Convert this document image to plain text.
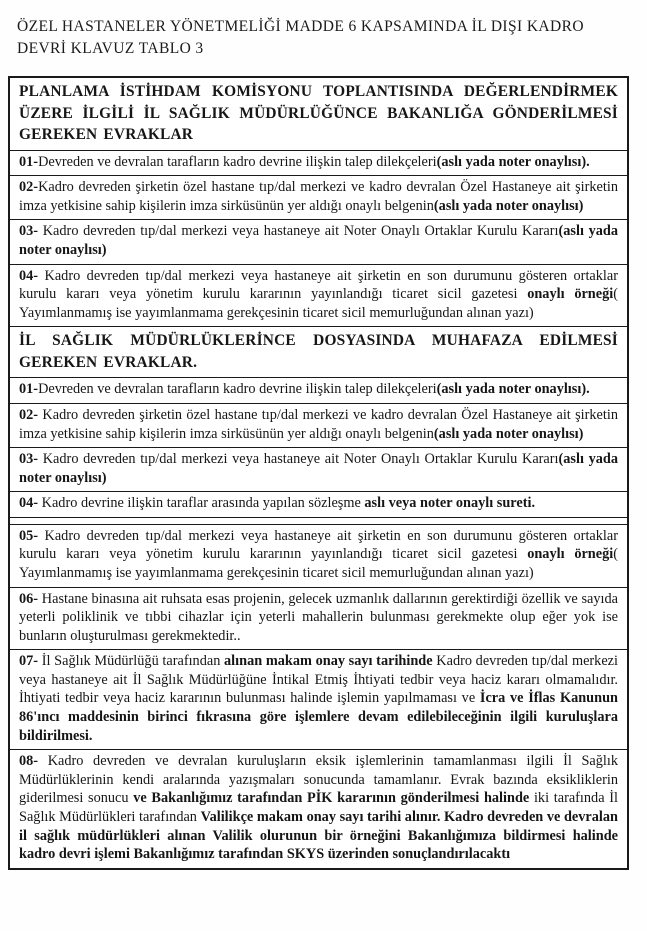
ÖZEL HASTANELER YÖNETMELİĞİ MADDE 6 KAPSAMINDA İL DIŞI KADRO
DEVRİ KLAVUZ TABLO 3
PLANLAMA İSTİHDAM KOMİSYONU TOPLANTISINDA DEĞERLENDİRMEK ÜZERE İLGİLİ İL SAĞLIK MÜDÜRLÜĞÜNCE BAKANLIĞA GÖNDERİLMESİ GEREKEN EVRAKLAR
01-Devreden ve devralan tarafların kadro devrine ilişkin talep dilekçeleri(aslı yada noter onaylısı).
02-Kadro devreden şirketin özel hastane tıp/dal merkezi ve kadro devralan Özel Hastaneye ait şirketin imza yetkisine sahip kişilerin imza sirküsünün yer aldığı onaylı belgenin(aslı yada noter onaylısı)
03- Kadro devreden tıp/dal merkezi veya hastaneye ait Noter Onaylı Ortaklar Kurulu Kararı(aslı yada noter onaylısı)
04- Kadro devreden tıp/dal merkezi veya hastaneye ait şirketin en son durumunu gösteren ortaklar kurulu kararı veya yönetim kurulu kararının yayınlandığı ticaret sicil gazetesi onaylı örneği( Yayımlanmamış ise yayımlanmama gerekçesinin ticaret sicil memurluğundan alınan yazı)
İL SAĞLIK MÜDÜRLÜKLERİNCE DOSYASINDA MUHAFAZA EDİLMESİ GEREKEN EVRAKLAR.
01-Devreden ve devralan tarafların kadro devrine ilişkin talep dilekçeleri(aslı yada noter onaylısı).
02- Kadro devreden şirketin özel hastane tıp/dal merkezi ve kadro devralan Özel Hastaneye ait şirketin imza yetkisine sahip kişilerin imza sirküsünün yer aldığı onaylı belgenin(aslı yada noter onaylısı)
03- Kadro devreden tıp/dal merkezi veya hastaneye ait Noter Onaylı Ortaklar Kurulu Kararı(aslı yada noter onaylısı)
04- Kadro devrine ilişkin taraflar arasında yapılan sözleşme aslı veya noter onaylı sureti.
05- Kadro devreden tıp/dal merkezi veya hastaneye ait şirketin en son durumunu gösteren ortaklar kurulu kararı veya yönetim kurulu kararının yayınlandığı ticaret sicil gazetesi onaylı örneği( Yayımlanmamış ise yayımlanmama gerekçesinin ticaret sicil memurluğundan alınan yazı)
06- Hastane binasına ait ruhsata esas projenin, gelecek uzmanlık dallarının gerektirdiği özellik ve sayıda yeterli poliklinik ve tıbbi cihazlar için yeterli mahallerin bulunması gerekmekte olup eğer yok ise bunların oluşturulması gerekmektedir..
07- İl Sağlık Müdürlüğü tarafından alınan makam onay sayı tarihinde Kadro devreden tıp/dal merkezi veya hastaneye ait İl Sağlık Müdürlüğüne İntikal Etmiş İhtiyati tedbir veya haciz kararı olmamalıdır. İhtiyati tedbir veya haciz kararının bulunması halinde işlemin yapılmaması ve İcra ve İflas Kanunun 86'ıncı maddesinin birinci fıkrasına göre işlemlere devam edilebileceğinin ilgili kuruluşlara bildirilmesi.
08- Kadro devreden ve devralan kuruluşların eksik işlemlerinin tamamlanması ilgili İl Sağlık Müdürlüklerinin kendi aralarında yazışmaları sonucunda tamamlanır. Evrak bazında eksikliklerin giderilmesi sonucu ve Bakanlığımız tarafından PİK kararının gönderilmesi halinde iki tarafında İl Sağlık Müdürlükleri tarafından Valilikçe makam onay sayı tarihi alınır. Kadro devreden ve devralan il sağlık müdürlükleri alınan Valilik olurunun bir örneğini Bakanlığımıza bildirmesi halinde kadro devri işlemi Bakanlığımız tarafından SKYS üzerinden sonuçlandırılacaktı
